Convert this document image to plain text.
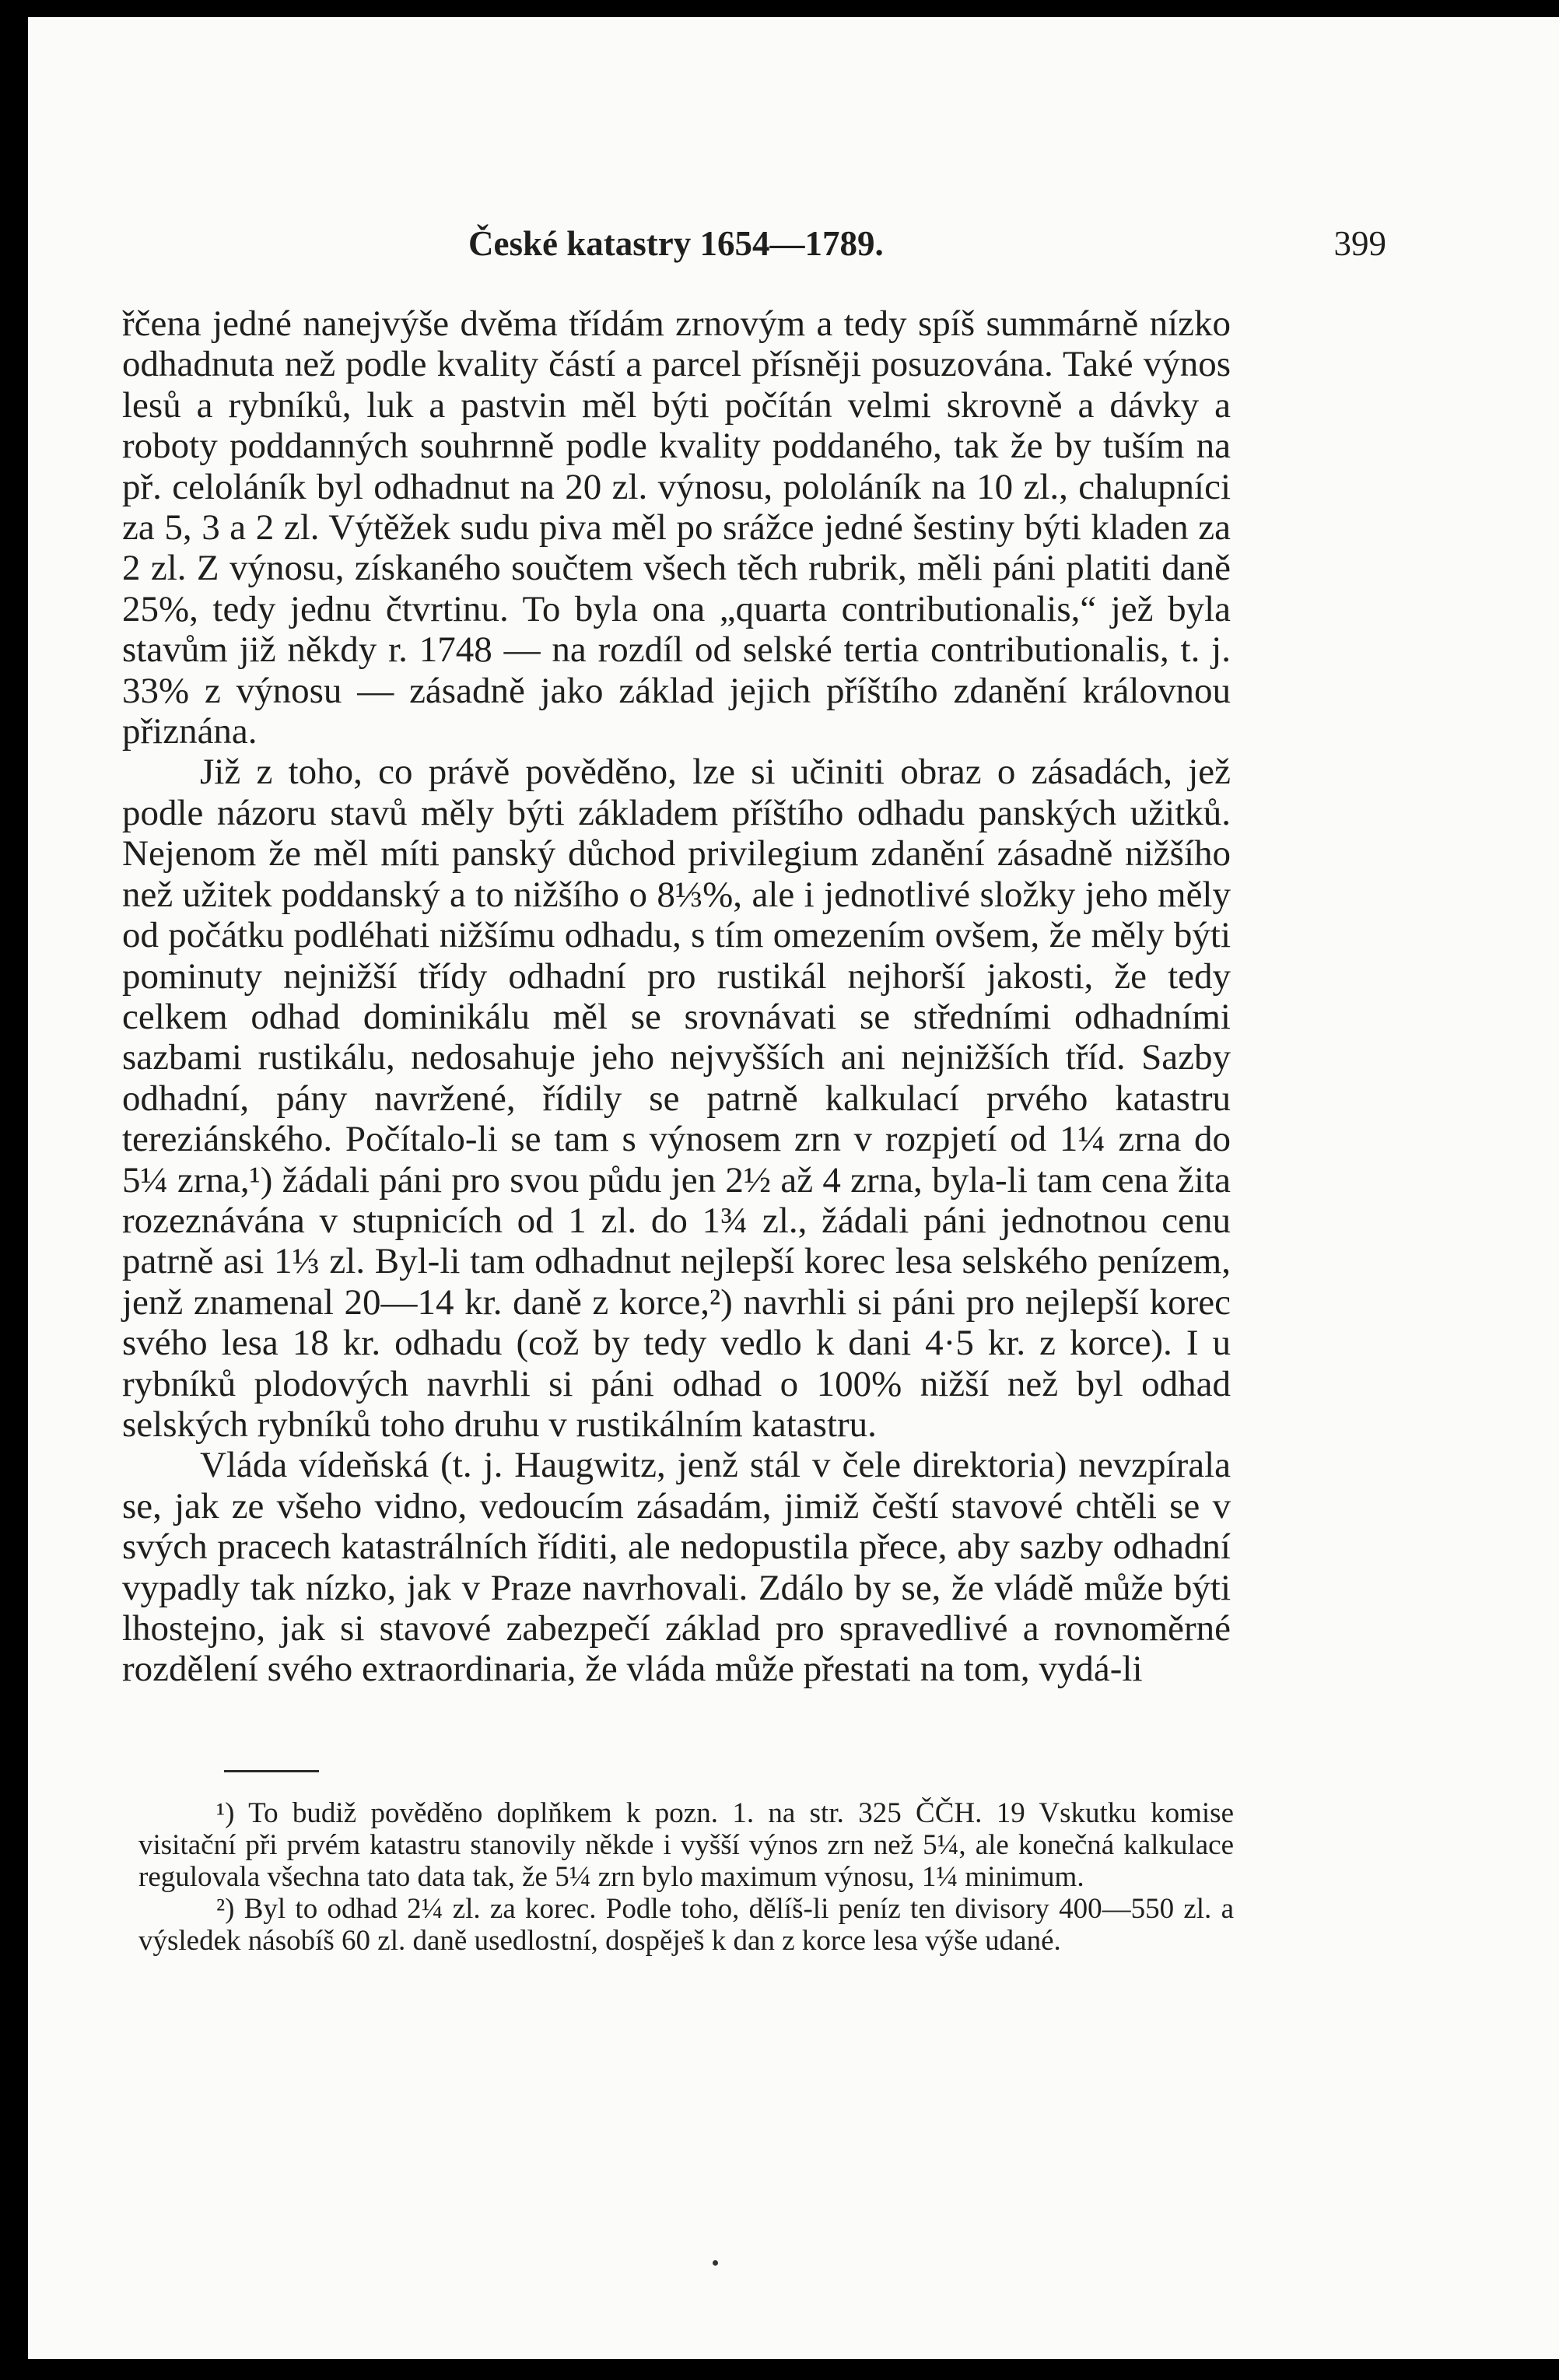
České katastry 1654—1789.	399

řčena jedné nanejvýše dvěma třídám zrnovým a tedy spíš summárně nízko odhadnuta než podle kvality částí a parcel přísněji posuzována. Také výnos lesů a rybníků, luk a pastvin měl býti počítán velmi skrovně a dávky a roboty poddanných souhrnně podle kvality poddaného, tak že by tuším na př. celoláník byl odhadnut na 20 zl. výnosu, pololáník na 10 zl., chalupníci za 5, 3 a 2 zl. Výtěžek sudu piva měl po srážce jedné šestiny býti kladen za 2 zl. Z výnosu, získaného součtem všech těch rubrik, měli páni platiti daně 25%, tedy jednu čtvrtinu. To byla ona „quarta contributionalis,“ jež byla stavům již někdy r. 1748 — na rozdíl od selské tertia contributionalis, t. j. 33% z výnosu — zásadně jako základ jejich příštího zdanění královnou přiznána.

Již z toho, co právě pověděno, lze si učiniti obraz o zásadách, jež podle názoru stavů měly býti základem příštího odhadu panských užitků. Nejenom že měl míti panský důchod privilegium zdanění zásadně nižšího než užitek poddanský a to nižšího o 8⅓%, ale i jednotlivé složky jeho měly od počátku podléhati nižšímu odhadu, s tím omezením ovšem, že měly býti pominuty nejnižší třídy odhadní pro rustikál nejhorší jakosti, že tedy celkem odhad dominikálu měl se srovnávati se středními odhadními sazbami rustikálu, nedosahuje jeho nejvyšších ani nejnižších tříd. Sazby odhadní, pány navržené, řídily se patrně kalkulací prvého katastru tereziánského. Počítalo-li se tam s výnosem zrn v rozpjetí od 1¼ zrna do 5¼ zrna,¹) žádali páni pro svou půdu jen 2½ až 4 zrna, byla-li tam cena žita rozeznávána v stupnicích od 1 zl. do 1¾ zl., žádali páni jednotnou cenu patrně asi 1⅓ zl. Byl-li tam odhadnut nejlepší korec lesa selského penízem, jenž znamenal 20—14 kr. daně z korce,²) navrhli si páni pro nejlepší korec svého lesa 18 kr. odhadu (což by tedy vedlo k dani 4·5 kr. z korce). I u rybníků plodových navrhli si páni odhad o 100% nižší než byl odhad selských rybníků toho druhu v rustikálním katastru.

Vláda vídeňská (t. j. Haugwitz, jenž stál v čele direktoria) nevzpírala se, jak ze všeho vidno, vedoucím zásadám, jimiž čeští stavové chtěli se v svých pracech katastrálních říditi, ale nedopustila přece, aby sazby odhadní vypadly tak nízko, jak v Praze navrhovali. Zdálo by se, že vládě může býti lhostejno, jak si stavové zabezpečí základ pro spravedlivé a rovnoměrné rozdělení svého extraordinaria, že vláda může přestati na tom, vydá-li

¹) To budiž pověděno doplňkem k pozn. 1. na str. 325 ČČH. 19 Vskutku komise visitační při prvém katastru stanovily někde i vyšší výnos zrn než 5¼, ale konečná kalkulace regulovala všechna tato data tak, že 5¼ zrn bylo maximum výnosu, 1¼ minimum.

²) Byl to odhad 2¼ zl. za korec. Podle toho, dělíš-li peníz ten divisory 400—550 zl. a výsledek násobíš 60 zl. daně usedlostní, dospěješ k dan z korce lesa výše udané.
